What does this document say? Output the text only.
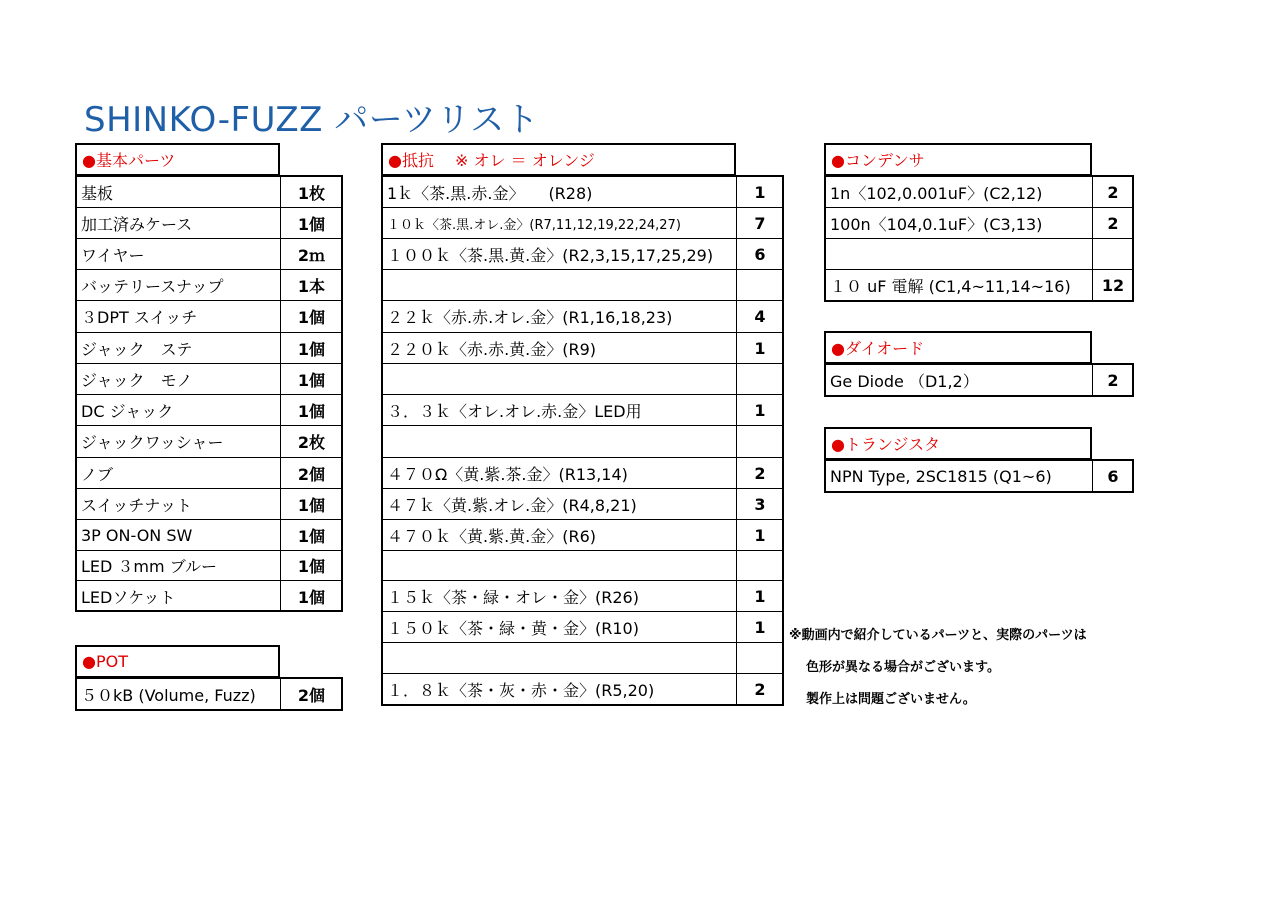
SHINKO-FUZZ パーツリスト
●基本パーツ
基板	1枚
加工済みケース	1個
ワイヤー	2ｍ
バッテリースナップ	1本
３DPT スイッチ	1個
ジャック　ステ	1個
ジャック　モノ	1個
DC ジャック	1個
ジャックワッシャー	2枚
ノブ	2個
スイッチナット	1個
3P ON-ON SW	1個
LED ３mm ブルー	1個
LEDソケット	1個
●POT
５０kB (Volume, Fuzz)	2個
●抵抗　 ※ オレ ＝ オレンジ
1ｋ〈茶.黒.赤.金〉　　(R28)	1
１０ｋ〈茶.黒.オレ.金〉(R7,11,12,19,22,24,27)	7
１００ｋ〈茶.黒.黄.金〉(R2,3,15,17,25,29)	6
２２ｋ〈赤.赤.オレ.金〉(R1,16,18,23)	4
２２０ｋ〈赤.赤.黄.金〉(R9)	1
３．３ｋ〈オレ.オレ.赤.金〉LED用	1
４７０Ω〈黄.紫.茶.金〉(R13,14)	2
４７ｋ〈黄.紫.オレ.金〉(R4,8,21)	3
４７０ｋ〈黄.紫.黄.金〉(R6)	1
１５ｋ〈茶・緑・オレ・金〉(R26)	1
１５０ｋ〈茶・緑・黄・金〉(R10)	1
１．８ｋ〈茶・灰・赤・金〉(R5,20)	2
●コンデンサ
1n〈102,0.001uF〉(C2,12)	2
100n〈104,0.1uF〉(C3,13)	2
１０ uF 電解 (C1,4~11,14~16)	12
●ダイオード
Ge Diode （D1,2）	2
●トランジスタ
NPN Type, 2SC1815 (Q1~6)	6
※動画内で紹介しているパーツと、実際のパーツは
色形が異なる場合がございます。
製作上は問題ございません。
